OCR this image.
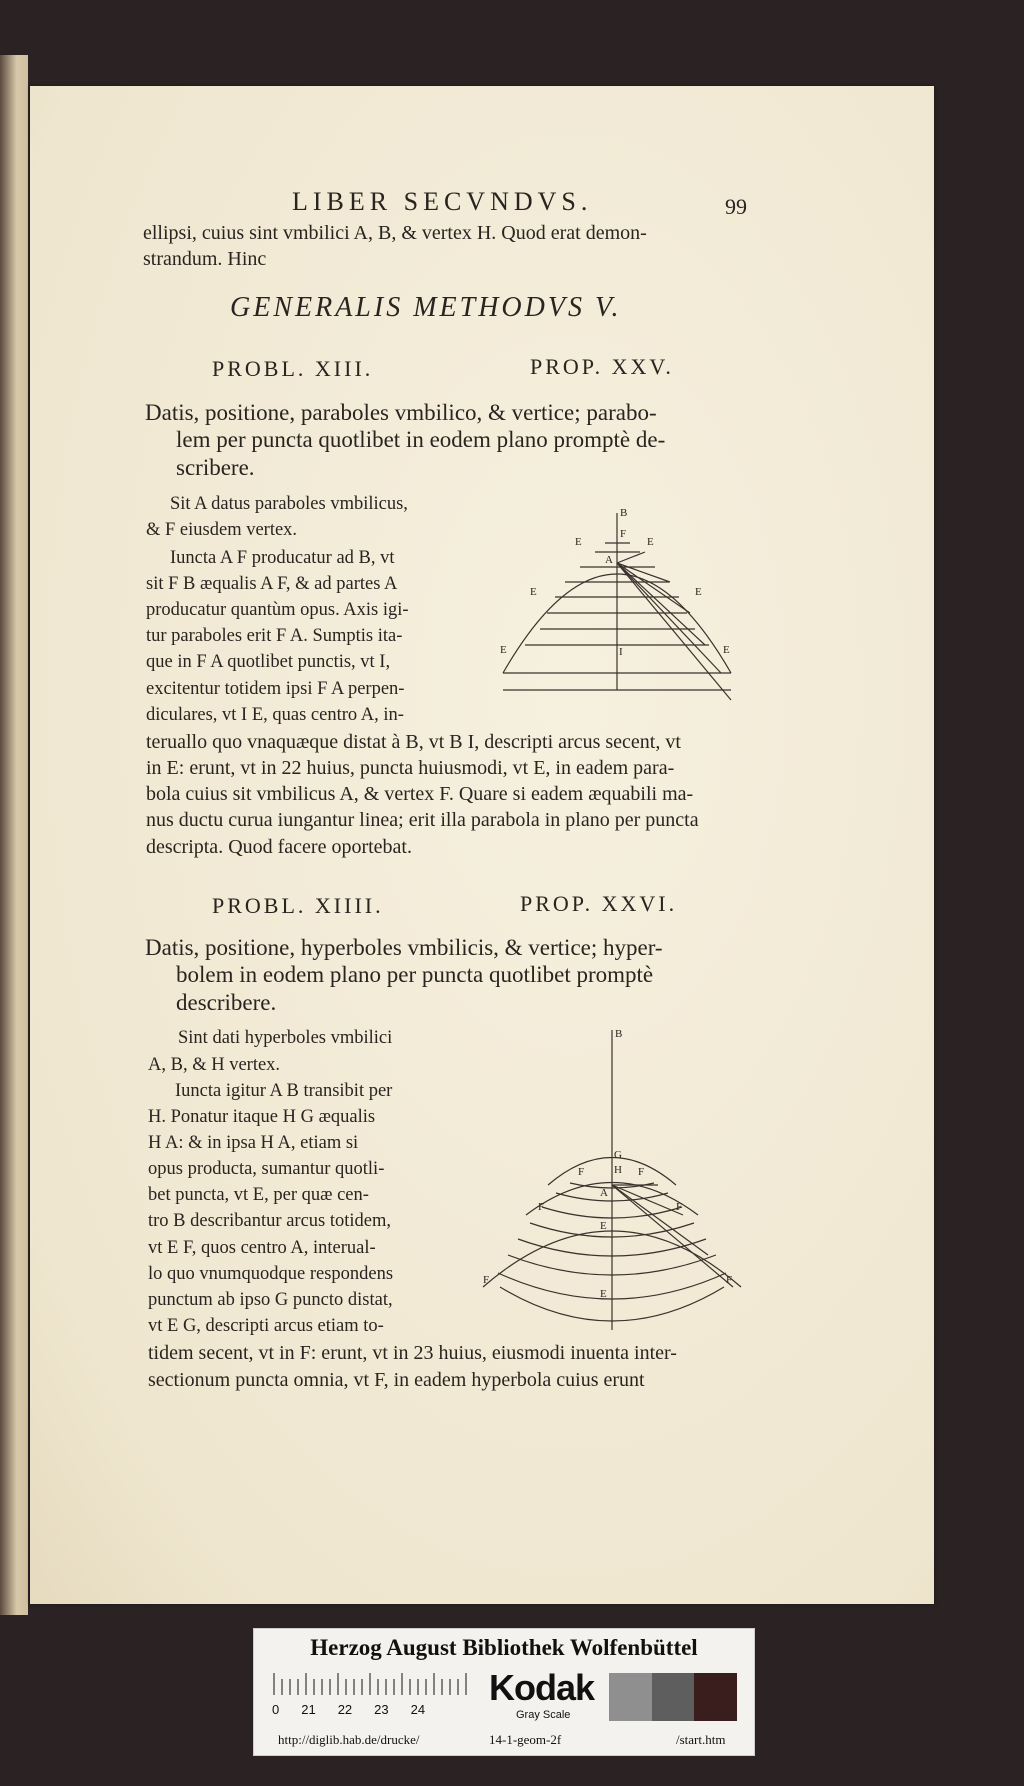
LIBER SECVNDVS.	99
ellipsi, cuius sint vmbilici A, B, & vertex H. Quod erat demon-
strandum. Hinc
GENERALIS METHODVS V.
PROBL. XIII.	PROP. XXV.
Datis, positione, paraboles vmbilico, & vertice; parabo-
lem per puncta quotlibet in eodem plano promptè de-
scribere.
Sit A datus paraboles vmbilicus,
& F eiusdem vertex.
Iuncta A F producatur ad B, vt
sit F B æqualis A F, & ad partes A
producatur quantùm opus. Axis igi-
tur paraboles erit F A. Sumptis ita-
que in F A quotlibet punctis, vt I,
excitentur totidem ipsi F A perpen-
diculares, vt I E, quas centro A, in-
teruallo quo vnaquæque distat à B, vt B I, descripti arcus secent, vt
in E: erunt, vt in 22 huius, puncta huiusmodi, vt E, in eadem para-
bola cuius sit vmbilicus A, & vertex F. Quare si eadem æquabili ma-
nus ductu curua iungantur linea; erit illa parabola in plano per puncta
descripta. Quod facere oportebat.
B
F
A
I
E	E
E	E
E	E
PROBL. XIIII.	PROP. XXVI.
Datis, positione, hyperboles vmbilicis, & vertice; hyper-
bolem in eodem plano per puncta quotlibet promptè
describere.
Sint dati hyperboles vmbilici
A, B, & H vertex.
Iuncta igitur A B transibit per
H. Ponatur itaque H G æqualis
H A: & in ipsa H A, etiam si
opus producta, sumantur quotli-
bet puncta, vt E, per quæ cen-
tro B describantur arcus totidem,
vt E F, quos centro A, interual-
lo quo vnumquodque respondens
punctum ab ipso G puncto distat,
vt E G, descripti arcus etiam to-
tidem secent, vt in F: erunt, vt in 23 huius, eiusmodi inuenta inter-
sectionum puncta omnia, vt F, in eadem hyperbola cuius erunt
B
G
H
A
F	F
F	F
F	F
E
E
Herzog August Bibliothek Wolfenbüttel
0 21 22 23 24
Kodak
Gray Scale
http://diglib.hab.de/drucke/	14-1-geom-2f	/start.htm
